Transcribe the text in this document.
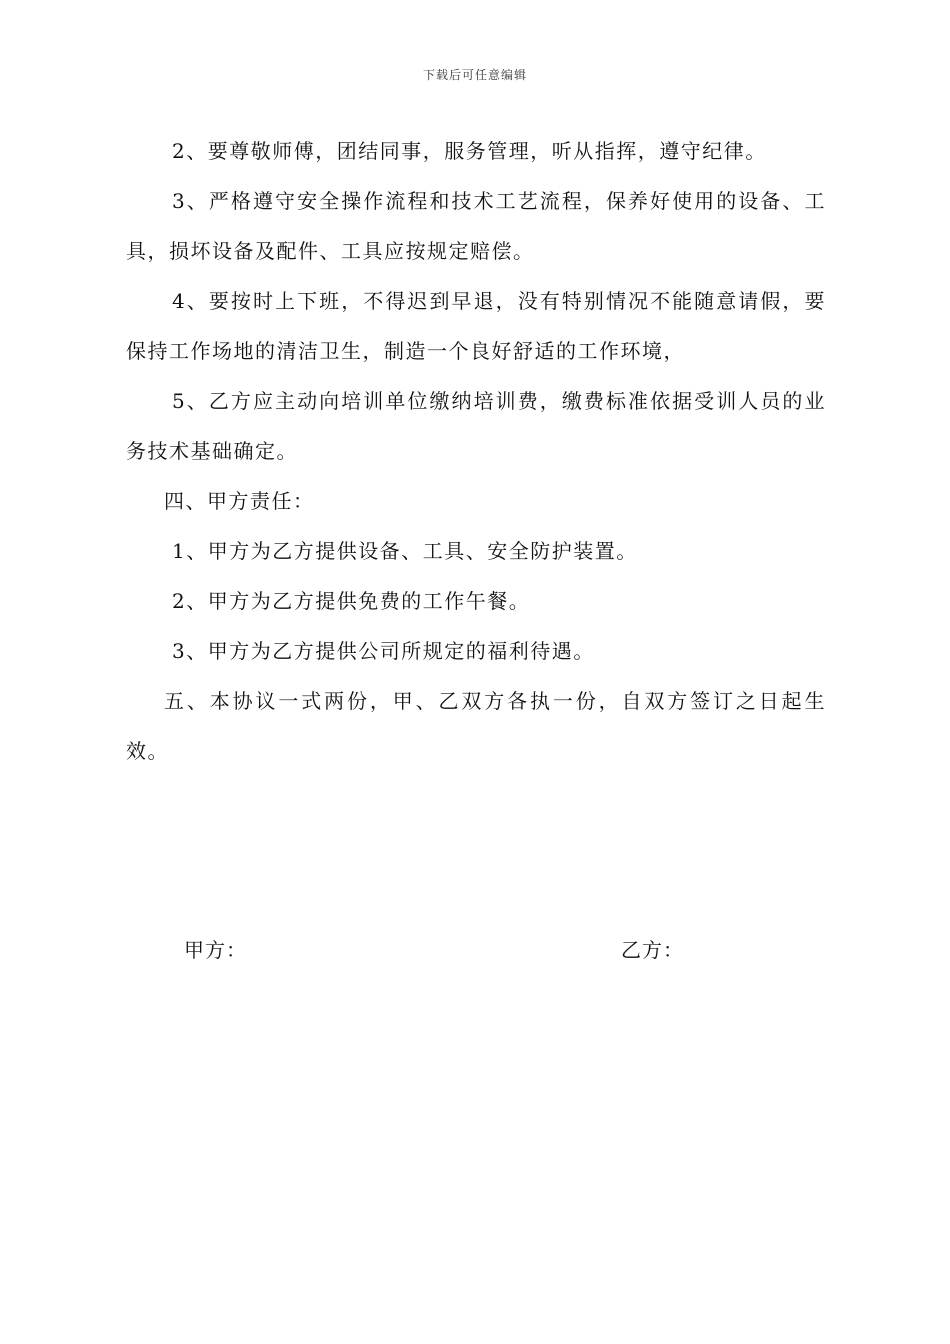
下载后可任意编辑

2、要尊敬师傅，团结同事，服务管理，听从指挥，遵守纪律。

3、严格遵守安全操作流程和技术工艺流程，保养好使用的设备、工具，损坏设备及配件、工具应按规定赔偿。

4、要按时上下班，不得迟到早退，没有特别情况不能随意请假，要保持工作场地的清洁卫生，制造一个良好舒适的工作环境，

5、乙方应主动向培训单位缴纳培训费，缴费标准依据受训人员的业务技术基础确定。

四、甲方责任：

1、甲方为乙方提供设备、工具、安全防护装置。

2、甲方为乙方提供免费的工作午餐。

3、甲方为乙方提供公司所规定的福利待遇。

五、本协议一式两份，甲、乙双方各执一份，自双方签订之日起生效。

甲方：	乙方：
